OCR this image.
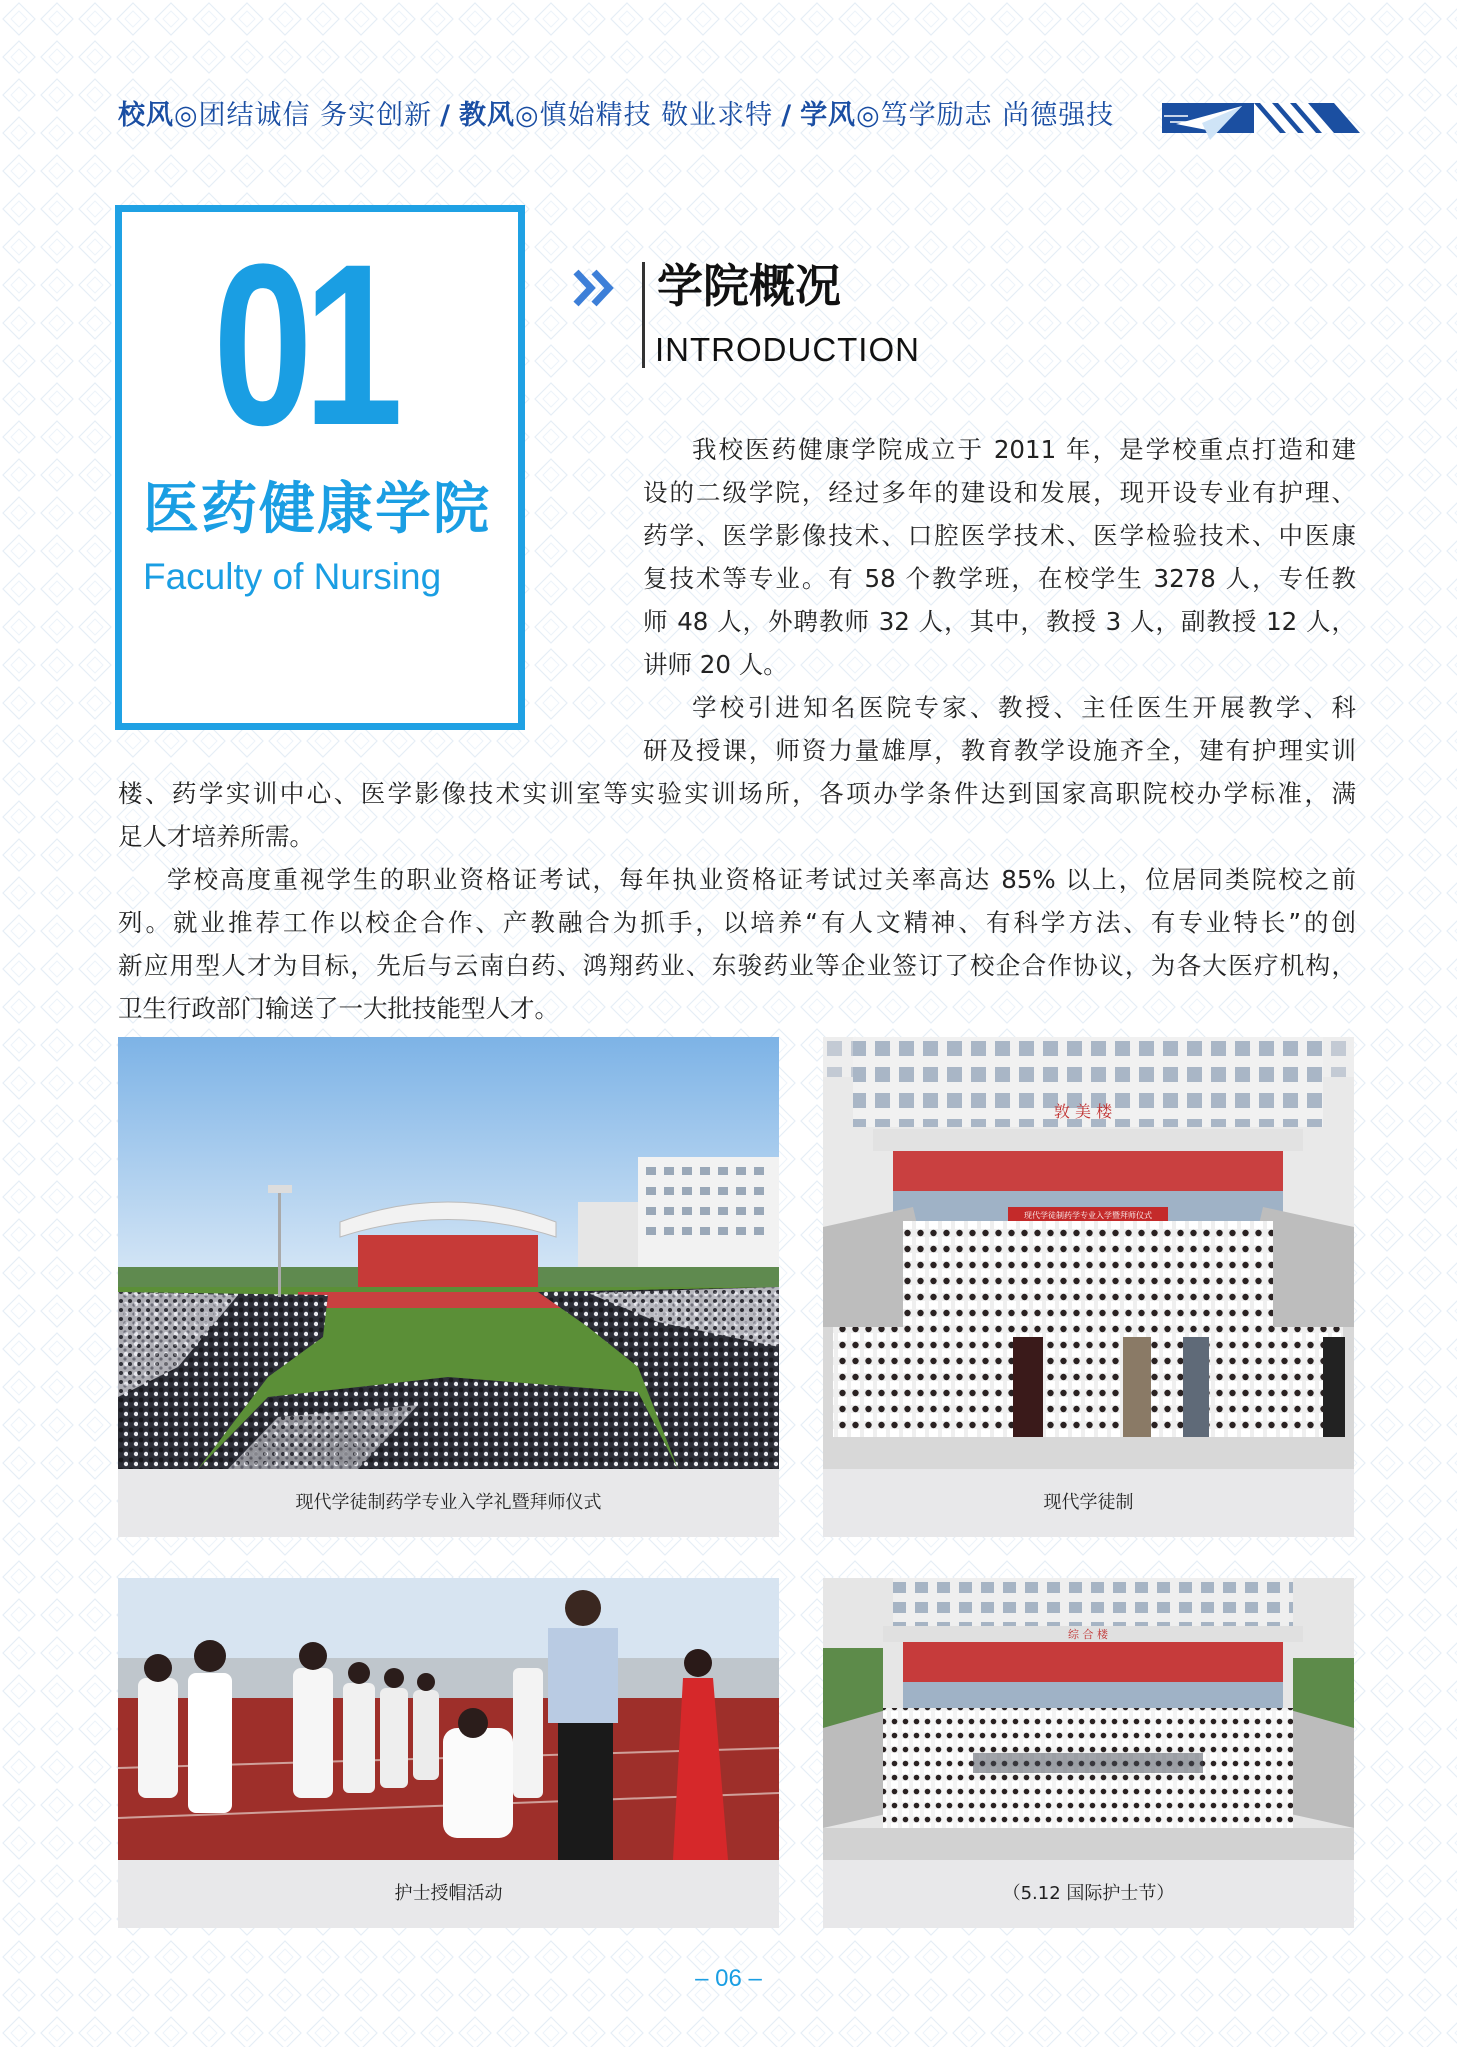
校风◎团结诚信 务实创新 / 教风◎慎始精技 敬业求特 / 学风◎笃学励志 尚德强技
01
医药健康学院
Faculty of Nursing
学院概况
INTRODUCTION
我校医药健康学院成立于 2011 年，是学校重点打造和建
设的二级学院，经过多年的建设和发展，现开设专业有护理、
药学、医学影像技术、口腔医学技术、医学检验技术、中医康
复技术等专业。有 58 个教学班，在校学生 3278 人，专任教
师 48 人，外聘教师 32 人，其中，教授 3 人，副教授 12 人，
讲师 20 人。
学校引进知名医院专家、教授、主任医生开展教学、科
研及授课，师资力量雄厚，教育教学设施齐全，建有护理实训
楼、药学实训中心、医学影像技术实训室等实验实训场所，各项办学条件达到国家高职院校办学标准，满
足人才培养所需。
学校高度重视学生的职业资格证考试，每年执业资格证考试过关率高达 85% 以上，位居同类院校之前
列。就业推荐工作以校企合作、产教融合为抓手，以培养“有人文精神、有科学方法、有专业特长”的创
新应用型人才为目标，先后与云南白药、鸿翔药业、东骏药业等企业签订了校企合作协议，为各大医疗机构，
卫生行政部门输送了一大批技能型人才。
现代学徒制药学专业入学礼暨拜师仪式
敦 美 楼
现代学徒制药学专业入学暨拜师仪式
现代学徒制
护士授帽活动
综 合 楼
（5.12 国际护士节）
– 06 –
